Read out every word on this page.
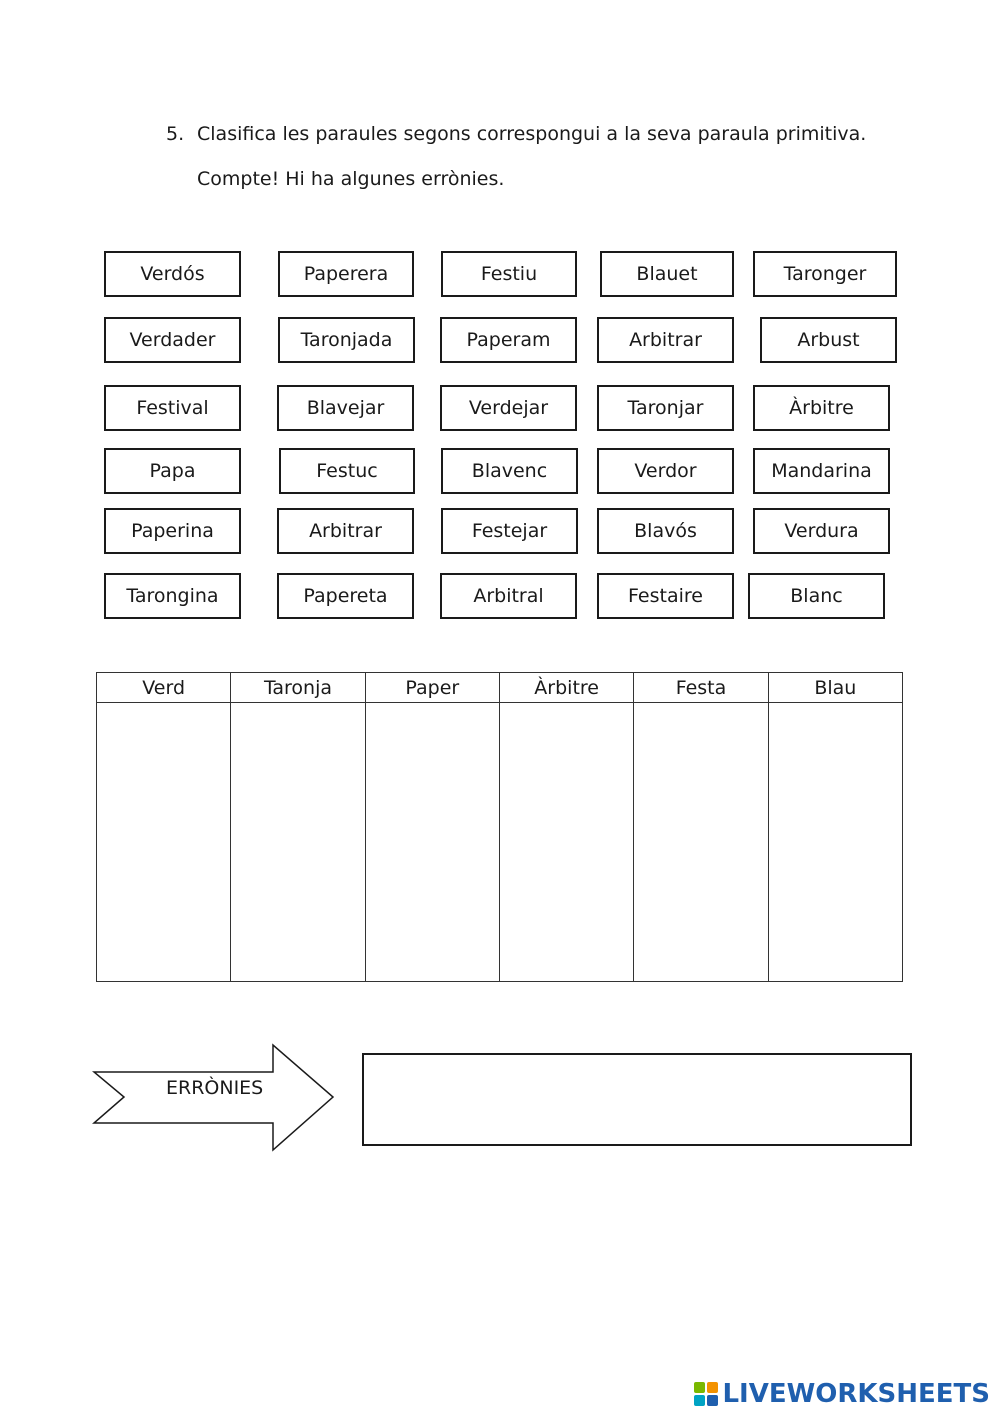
5. Clasifica les paraules segons correspongui a la seva paraula primitiva.
Compte! Hi ha algunes errònies.
Verdós	Paperera	Festiu	Blauet	Taronger
Verdader	Taronjada	Paperam	Arbitrar	Arbust
Festival	Blavejar	Verdejar	Taronjar	Àrbitre
Papa	Festuc	Blavenc	Verdor	Mandarina
Paperina	Arbitrar	Festejar	Blavós	Verdura
Tarongina	Papereta	Arbitral	Festaire	Blanc
Verd	Taronja	Paper	Àrbitre	Festa	Blau

ERRÒNIES
LIVEWORKSHEETS
